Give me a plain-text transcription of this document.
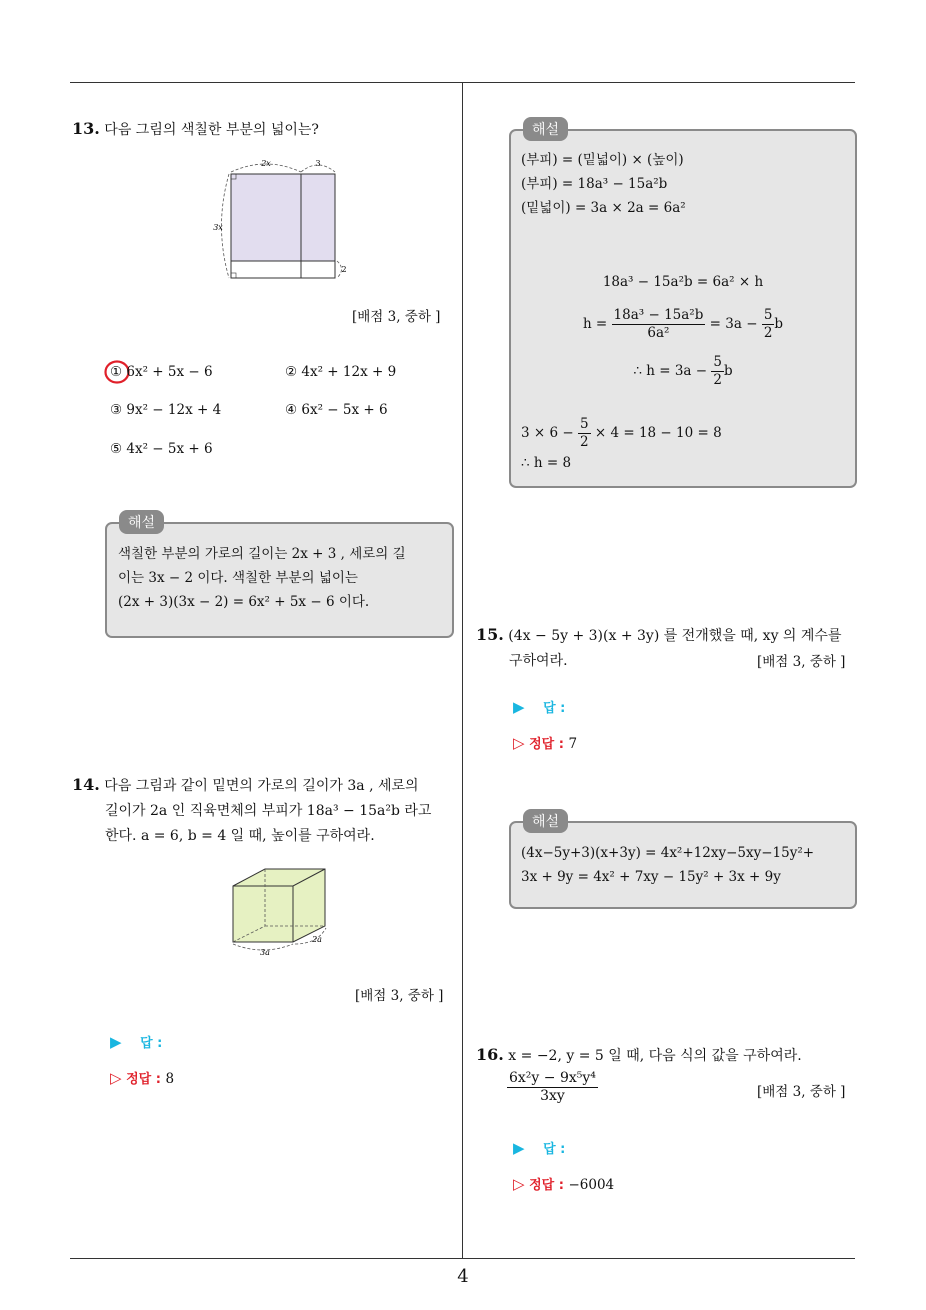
13. 다음 그림의 색칠한 부분의 넓이는?
2x	3
3x
2
[배점 3, 중하 ]
① 6x² + 5x − 6	② 4x² + 12x + 9
③ 9x² − 12x + 4	④ 6x² − 5x + 6
⑤ 4x² − 5x + 6
해설
색칠한 부분의 가로의 길이는 2x + 3 , 세로의 길
이는 3x − 2 이다. 색칠한 부분의 넓이는
(2x + 3)(3x − 2) = 6x² + 5x − 6 이다.
14. 다음 그림과 같이 밑면의 가로의 길이가 3a , 세로의
길이가 2a 인 직육면체의 부피가 18a³ − 15a²b 라고
한다. a = 6, b = 4 일 때, 높이를 구하여라.
3a
2a
[배점 3, 중하 ]
▶ 답 :
▷ 정답 : 8
해설
(부피) = (밑넓이) × (높이)
(부피) = 18a³ − 15a²b
(밑넓이) = 3a × 2a = 6a²
18a³ − 15a²b = 6a² × h
$h = \frac{\text{18a³ − 15a²b}}{\text{6a²}} = 3a - \frac{5}{2}$ b
∴ $h = 3a - \frac{5}{2}$ b
$3 \times 6 - \frac{5}{2} \times 4 = 18 - 10 = 8$
∴ h = 8
15. (4x − 5y + 3)(x + 3y) 를 전개했을 때, xy 의 계수를
구하여라.	[배점 3, 중하 ]
▶ 답 :
▷ 정답 : 7
해설
(4x−5y+3)(x+3y) = 4x²+12xy−5xy−15y²+
3x + 9y = 4x² + 7xy − 15y² + 3x + 9y
16. x = −2, y = 5 일 때, 다음 식의 값을 구하여라.
$\frac{\text{6x²y − 9x⁵y⁴}}{3xy}$	[배점 3, 중하 ]
▶ 답 :
▷ 정답 : −6004
4
